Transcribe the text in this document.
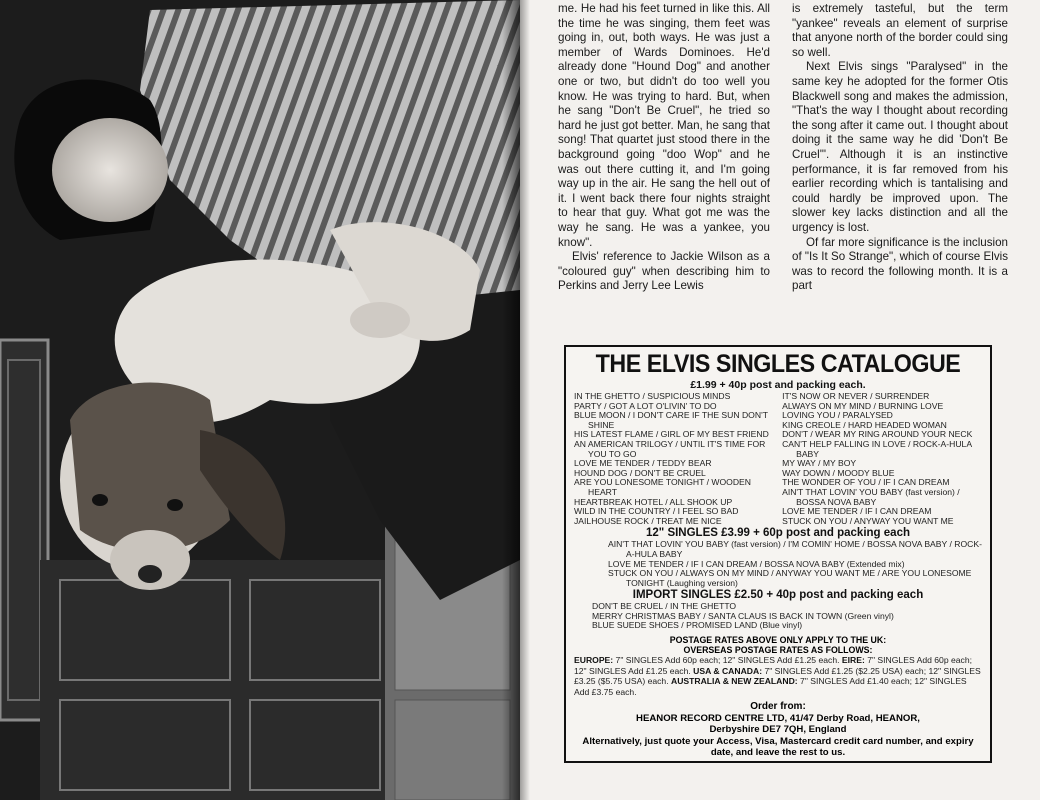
me. He had his feet turned in like this. All the time he was singing, them feet was going in, out, both ways. He was just a member of Wards Dominoes. He'd already done "Hound Dog" and another one or two, but didn't do too well you know. He was trying to hard. But, when he sang "Don't Be Cruel", he tried so hard he just got better. Man, he sang that song! That quartet just stood there in the background going "doo Wop" and he was out there cutting it, and I'm going way up in the air. He sang the hell out of it. I went back there four nights straight to hear that guy. What got me was the way he sang. He was a yankee, you know".

Elvis' reference to Jackie Wilson as a "coloured guy" when describing him to Perkins and Jerry Lee Lewis

is extremely tasteful, but the term "yankee" reveals an element of surprise that anyone north of the border could sing so well.

Next Elvis sings "Paralysed" in the same key he adopted for the former Otis Blackwell song and makes the admission, "That's the way I thought about recording the song after it came out. I thought about doing it the same way he did 'Don't Be Cruel'". Although it is an instinctive performance, it is far removed from his earlier recording which is tantalising and could hardly be improved upon. The slower key lacks distinction and all the urgency is lost.

Of far more significance is the inclusion of "Is It So Strange", which of course Elvis was to record the following month. It is a part

THE ELVIS SINGLES CATALOGUE
£1.99 + 40p post and packing each.
IN THE GHETTO / SUSPICIOUS MINDS
PARTY / GOT A LOT O'LIVIN' TO DO
BLUE MOON / I DON'T CARE IF THE SUN DON'T SHINE
HIS LATEST FLAME / GIRL OF MY BEST FRIEND
AN AMERICAN TRILOGY / UNTIL IT'S TIME FOR YOU TO GO
LOVE ME TENDER / TEDDY BEAR
HOUND DOG / DON'T BE CRUEL
ARE YOU LONESOME TONIGHT / WOODEN HEART
HEARTBREAK HOTEL / ALL SHOOK UP
WILD IN THE COUNTRY / I FEEL SO BAD
JAILHOUSE ROCK / TREAT ME NICE
IT'S NOW OR NEVER / SURRENDER
ALWAYS ON MY MIND / BURNING LOVE
LOVING YOU / PARALYSED
KING CREOLE / HARD HEADED WOMAN
DON'T / WEAR MY RING AROUND YOUR NECK
CAN'T HELP FALLING IN LOVE / ROCK-A-HULA BABY
MY WAY / MY BOY
WAY DOWN / MOODY BLUE
THE WONDER OF YOU / IF I CAN DREAM
AIN'T THAT LOVIN' YOU BABY (fast version) / BOSSA NOVA BABY
LOVE ME TENDER / IF I CAN DREAM
STUCK ON YOU / ANYWAY YOU WANT ME
12" SINGLES £3.99 + 60p post and packing each
AIN'T THAT LOVIN' YOU BABY (fast version) / I'M COMIN' HOME / BOSSA NOVA BABY / ROCK-A-HULA BABY
LOVE ME TENDER / IF I CAN DREAM / BOSSA NOVA BABY (Extended mix)
STUCK ON YOU / ALWAYS ON MY MIND / ANYWAY YOU WANT ME / ARE YOU LONESOME TONIGHT (Laughing version)
IMPORT SINGLES £2.50 + 40p post and packing each
DON'T BE CRUEL / IN THE GHETTO
MERRY CHRISTMAS BABY / SANTA CLAUS IS BACK IN TOWN (Green vinyl)
BLUE SUEDE SHOES / PROMISED LAND (Blue vinyl)
POSTAGE RATES ABOVE ONLY APPLY TO THE UK:
OVERSEAS POSTAGE RATES AS FOLLOWS:

EUROPE: 7" SINGLES Add 60p each; 12" SINGLES Add £1.25 each. EIRE: 7" SINGLES Add 60p each; 12" SINGLES Add £1.25 each. USA & CANADA: 7" SINGLES Add £1.25 ($2.25 USA) each; 12" SINGLES £3.25 ($5.75 USA) each. AUSTRALIA & NEW ZEALAND: 7" SINGLES Add £1.40 each; 12" SINGLES Add £3.75 each.

Order from:
HEANOR RECORD CENTRE LTD, 41/47 Derby Road, HEANOR,
Derbyshire DE7 7QH, England
Alternatively, just quote your Access, Visa, Mastercard credit card number, and expiry date, and leave the rest to us.
